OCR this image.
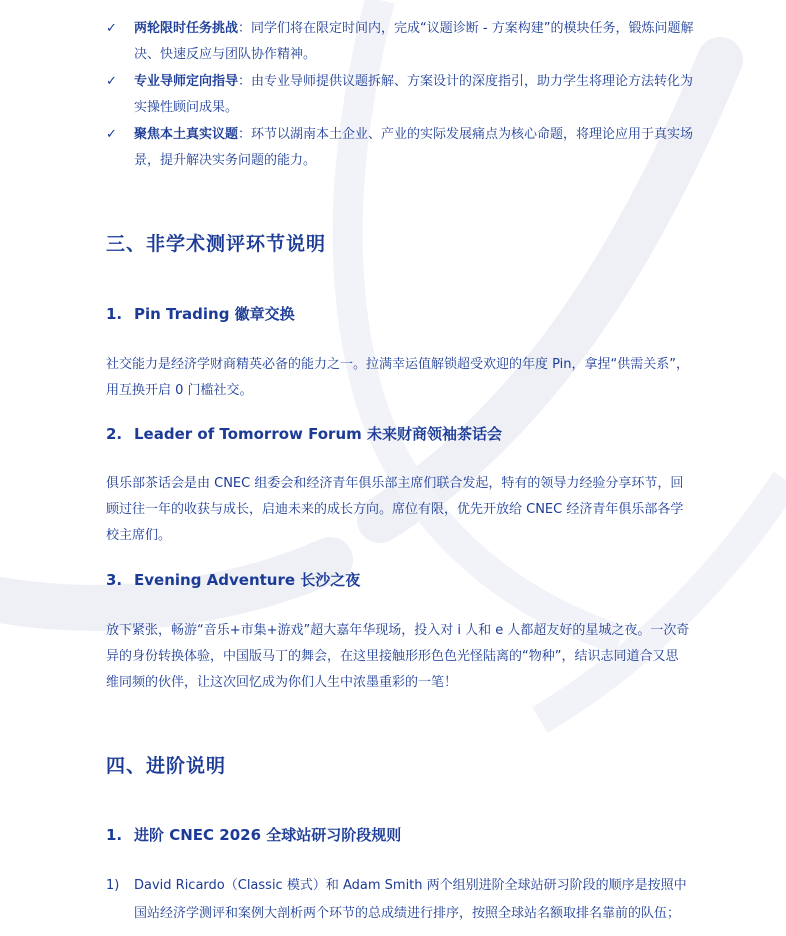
✓ 两轮限时任务挑战：同学们将在限定时间内，完成“议题诊断 - 方案构建”的模块任务，锻炼问题解决、快速反应与团队协作精神。
✓ 专业导师定向指导：由专业导师提供议题拆解、方案设计的深度指引，助力学生将理论方法转化为实操性顾问成果。
✓ 聚焦本土真实议题：环节以湖南本土企业、产业的实际发展痛点为核心命题，将理论应用于真实场景，提升解决实务问题的能力。
三、非学术测评环节说明
1. Pin Trading 徽章交换

社交能力是经济学财商精英必备的能力之一。拉满幸运值解锁超受欢迎的年度 Pin，拿捏“供需关系”，用互换开启 0 门槛社交。

2. Leader of Tomorrow Forum 未来财商领袖茶话会

俱乐部茶话会是由 CNEC 组委会和经济青年俱乐部主席们联合发起，特有的领导力经验分享环节，回顾过往一年的收获与成长，启迪未来的成长方向。席位有限，优先开放给 CNEC 经济青年俱乐部各学校主席们。

3. Evening Adventure 长沙之夜

放下紧张，畅游“音乐+市集+游戏”超大嘉年华现场，投入对 i 人和 e 人都超友好的星城之夜。一次奇异的身份转换体验，中国版马丁的舞会，在这里接触形形色色光怪陆离的“物种”，结识志同道合又思维同频的伙伴，让这次回忆成为你们人生中浓墨重彩的一笔！

四、进阶说明
1. 进阶 CNEC 2026 全球站研习阶段规则
1) David Ricardo（Classic 模式）和 Adam Smith 两个组别进阶全球站研习阶段的顺序是按照中国站经济学测评和案例大剖析两个环节的总成绩进行排序，按照全球站名额取排名靠前的队伍；
